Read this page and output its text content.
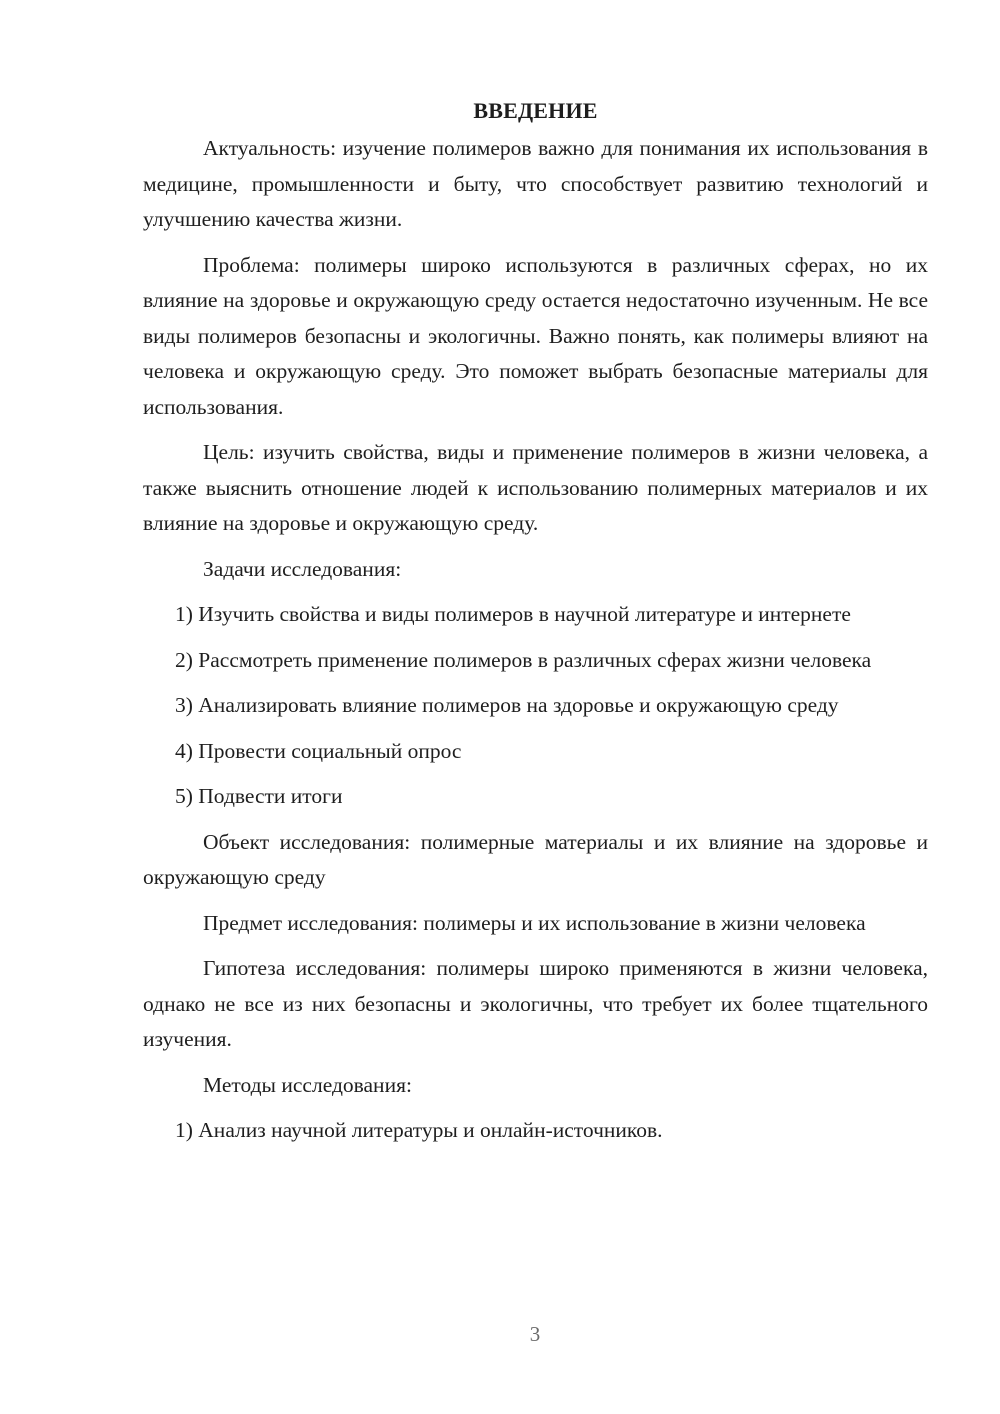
ВВЕДЕНИЕ

Актуальность: изучение полимеров важно для понимания их использования в медицине, промышленности и быту, что способствует развитию технологий и улучшению качества жизни.

Проблема: полимеры широко используются в различных сферах, но их влияние на здоровье и окружающую среду остается недостаточно изученным. Не все виды полимеров безопасны и экологичны. Важно понять, как полимеры влияют на человека и окружающую среду. Это поможет выбрать безопасные материалы для использования.

Цель: изучить свойства, виды и применение полимеров в жизни человека, а также выяснить отношение людей к использованию полимерных материалов и их влияние на здоровье и окружающую среду.

Задачи исследования:

1) Изучить свойства и виды полимеров в научной литературе и интернете

2) Рассмотреть применение полимеров в различных сферах жизни человека

3) Анализировать влияние полимеров на здоровье и окружающую среду

4) Провести социальный опрос

5) Подвести итоги

Объект исследования: полимерные материалы и их влияние на здоровье и окружающую среду

Предмет исследования: полимеры и их использование в жизни человека

Гипотеза исследования: полимеры широко применяются в жизни человека, однако не все из них безопасны и экологичны, что требует их более тщательного изучения.

Методы исследования:

1) Анализ научной литературы и онлайн-источников.

3
